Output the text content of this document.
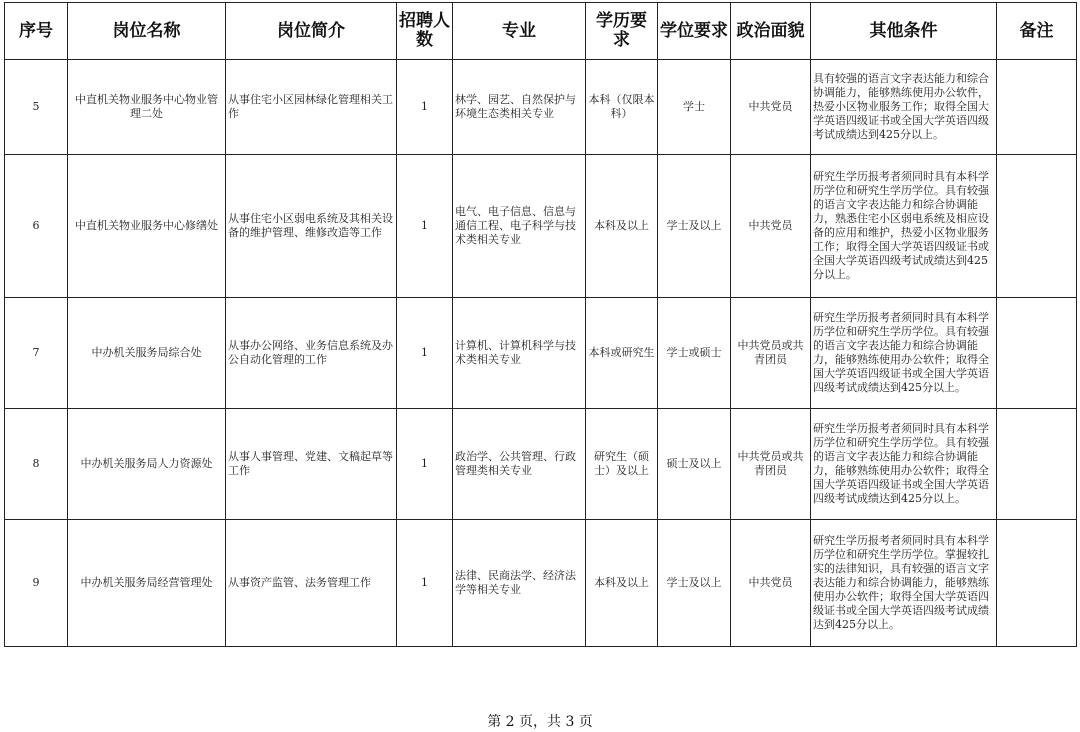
序号	岗位名称	岗位简介	招聘人数	专业	学历要求	学位要求	政治面貌	其他条件	备注
5	中直机关物业服务中心物业管理二处	从事住宅小区园林绿化管理相关工作	1	林学、园艺、自然保护与环境生态类相关专业	本科（仅限本科）	学士	中共党员	具有较强的语言文字表达能力和综合协调能力，能够熟练使用办公软件，热爱小区物业服务工作；取得全国大学英语四级证书或全国大学英语四级考试成绩达到425分以上。	
6	中直机关物业服务中心修缮处	从事住宅小区弱电系统及其相关设备的维护管理、维修改造等工作	1	电气、电子信息、信息与通信工程、电子科学与技术类相关专业	本科及以上	学士及以上	中共党员	研究生学历报考者须同时具有本科学历学位和研究生学历学位。具有较强的语言文字表达能力和综合协调能力，熟悉住宅小区弱电系统及相应设备的应用和维护，热爱小区物业服务工作；取得全国大学英语四级证书或全国大学英语四级考试成绩达到425分以上。	
7	中办机关服务局综合处	从事办公网络、业务信息系统及办公自动化管理的工作	1	计算机、计算机科学与技术类相关专业	本科或研究生	学士或硕士	中共党员或共青团员	研究生学历报考者须同时具有本科学历学位和研究生学历学位。具有较强的语言文字表达能力和综合协调能力，能够熟练使用办公软件；取得全国大学英语四级证书或全国大学英语四级考试成绩达到425分以上。	
8	中办机关服务局人力资源处	从事人事管理、党建、文稿起草等工作	1	政治学、公共管理、行政管理类相关专业	研究生（硕士）及以上	硕士及以上	中共党员或共青团员	研究生学历报考者须同时具有本科学历学位和研究生学历学位。具有较强的语言文字表达能力和综合协调能力，能够熟练使用办公软件；取得全国大学英语四级证书或全国大学英语四级考试成绩达到425分以上。	
9	中办机关服务局经营管理处	从事资产监管、法务管理工作	1	法律、民商法学、经济法学等相关专业	本科及以上	学士及以上	中共党员	研究生学历报考者须同时具有本科学历学位和研究生学历学位。掌握较扎实的法律知识，具有较强的语言文字表达能力和综合协调能力，能够熟练使用办公软件；取得全国大学英语四级证书或全国大学英语四级考试成绩达到425分以上。	
第 2 页，共 3 页
